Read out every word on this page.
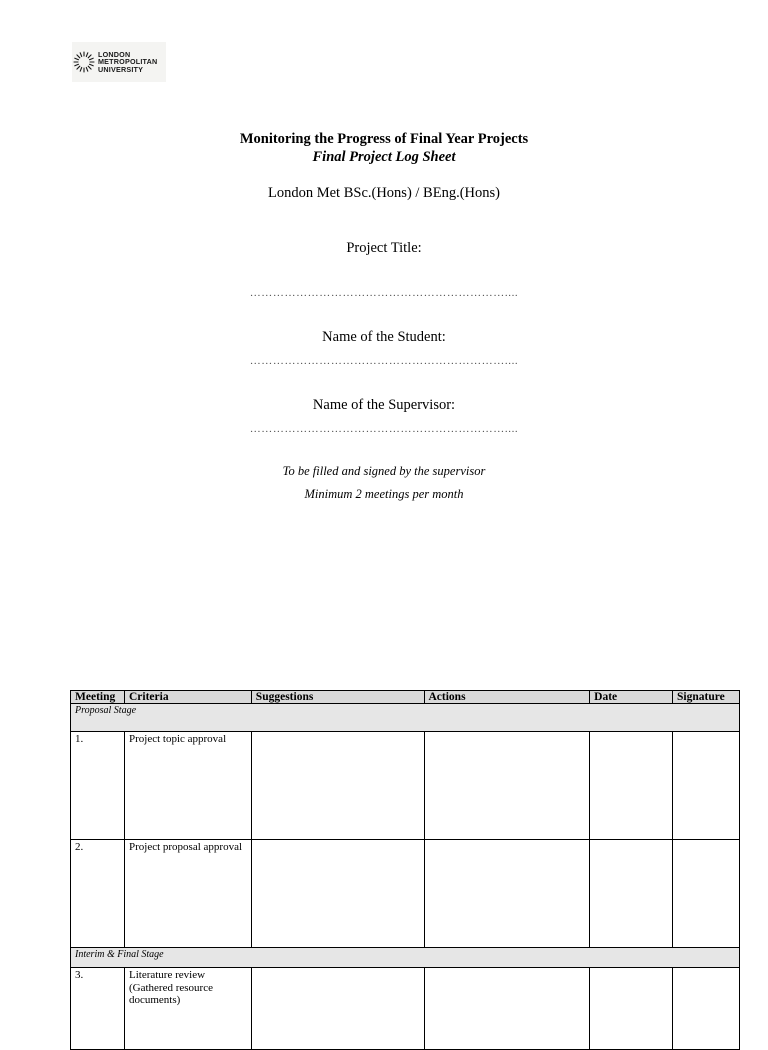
LONDON
METROPOLITAN
UNIVERSITY
Monitoring the Progress of Final Year Projects
Final Project Log Sheet
London Met BSc.(Hons) / BEng.(Hons)
Project Title:
…………………………………………………………....
Name of the Student:
…………………………………………………………....
Name of the Supervisor:
…………………………………………………………....
To be filled and signed by the supervisor
Minimum 2 meetings per month
Meeting	Criteria	Suggestions	Actions	Date	Signature
Proposal Stage					
1.	Project topic approval				
2.	Project proposal approval				
Interim & Final Stage					
3.	Literature review (Gathered resource documents)				
